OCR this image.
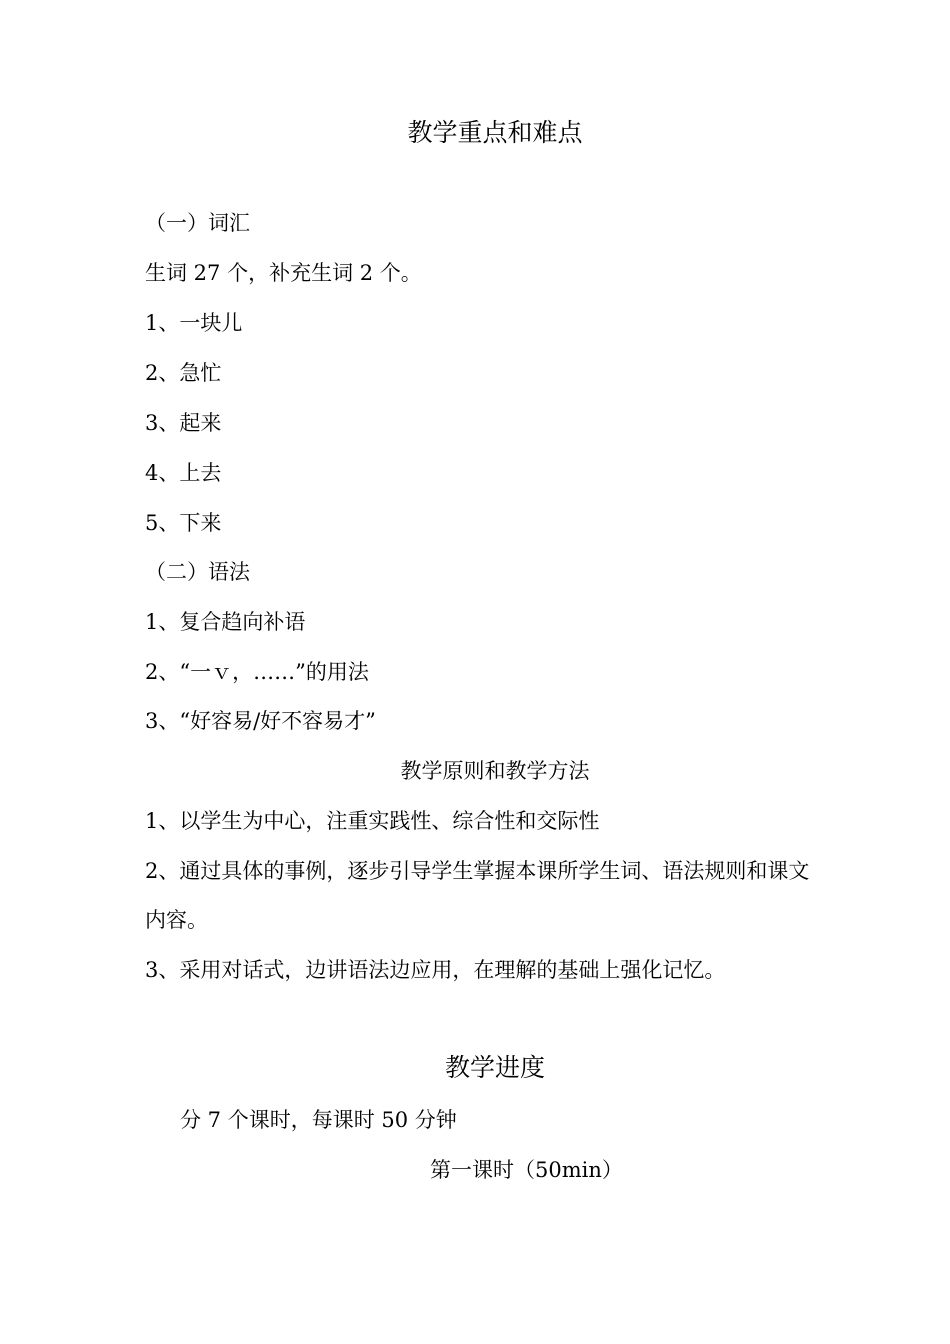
教学重点和难点
（一）词汇
生词 27 个，补充生词 2 个。
1、一块儿
2、急忙
3、起来
4、上去
5、下来
（二）语法
1、复合趋向补语
2、“一ｖ，……”的用法
3、“好容易/好不容易才”
教学原则和教学方法
1、以学生为中心，注重实践性、综合性和交际性
2、通过具体的事例，逐步引导学生掌握本课所学生词、语法规则和课文
内容。
3、采用对话式，边讲语法边应用，在理解的基础上强化记忆。
教学进度
分 7 个课时，每课时 50 分钟
第一课时（50min）
